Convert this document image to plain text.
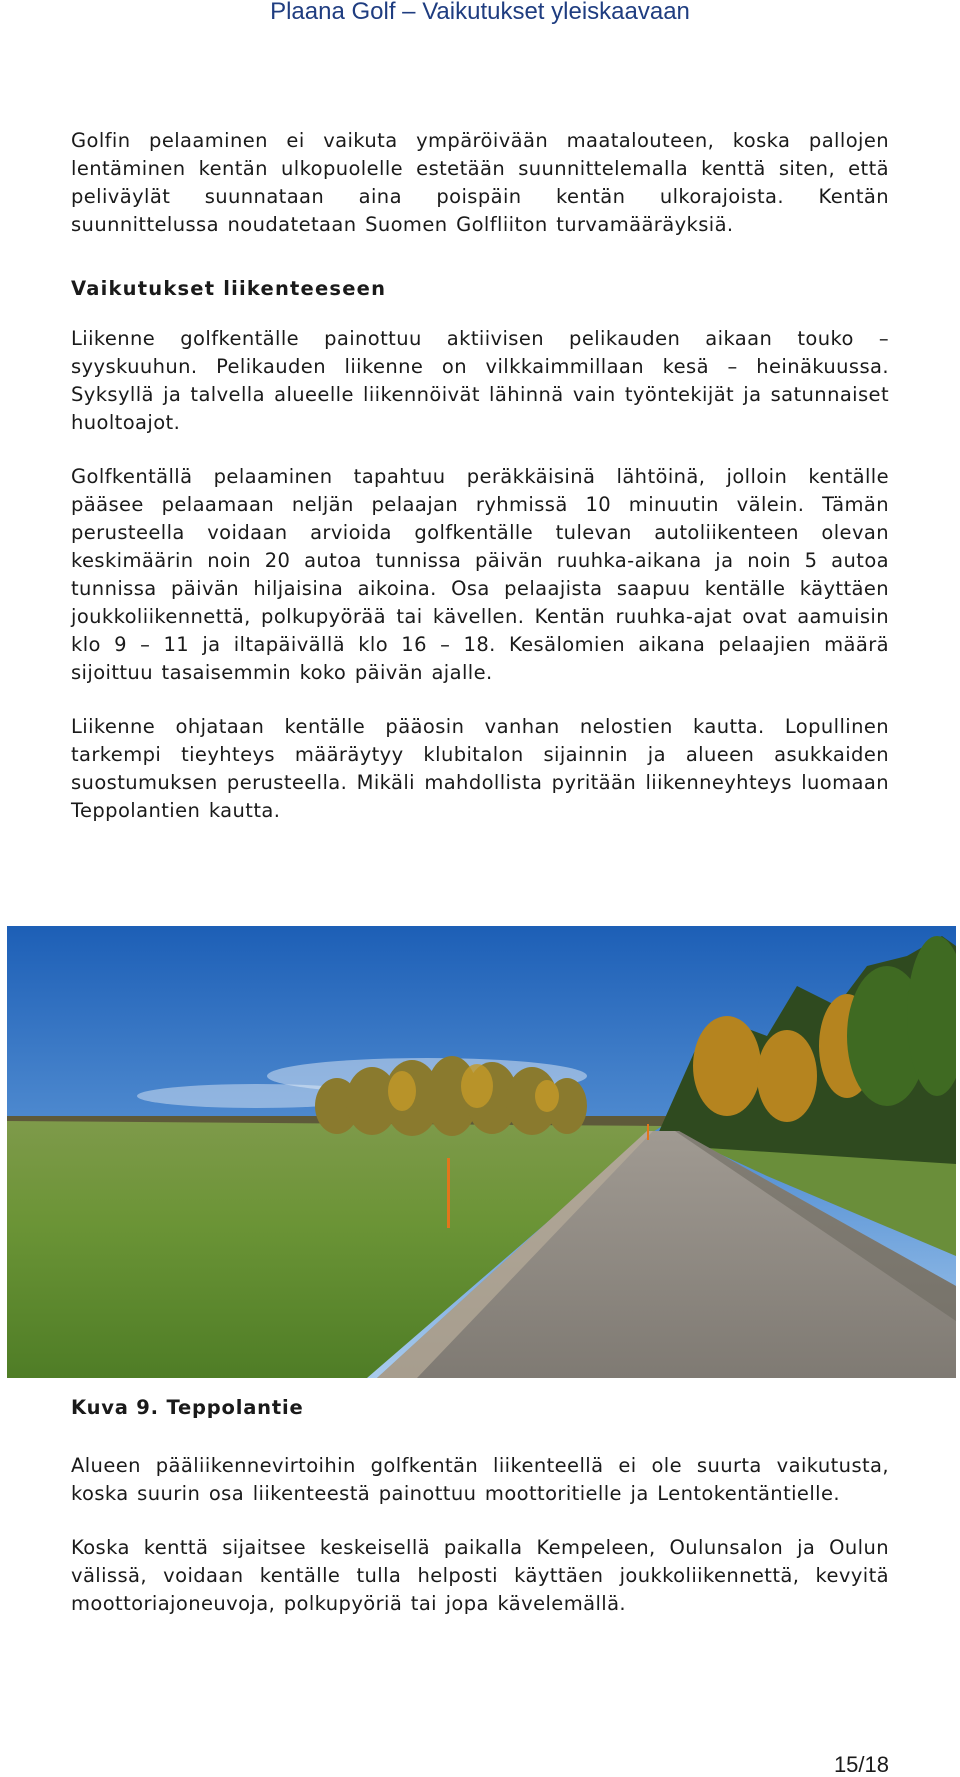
Plaana Golf – Vaikutukset yleiskaavaan

Golfin pelaaminen ei vaikuta ympäröivään maatalouteen, koska pallojen lentäminen kentän ulkopuolelle estetään suunnittelemalla kenttä siten, että peliväylät suunnataan aina poispäin kentän ulkorajoista. Kentän suunnittelussa noudatetaan Suomen Golfliiton turvamääräyksiä.

Vaikutukset liikenteeseen

Liikenne golfkentälle painottuu aktiivisen pelikauden aikaan touko – syyskuuhun. Pelikauden liikenne on vilkkaimmillaan kesä – heinäkuussa. Syksyllä ja talvella alueelle liikennöivät lähinnä vain työntekijät ja satunnaiset huoltoajot.

Golfkentällä pelaaminen tapahtuu peräkkäisinä lähtöinä, jolloin kentälle pääsee pelaamaan neljän pelaajan ryhmissä 10 minuutin välein. Tämän perusteella voidaan arvioida golfkentälle tulevan autoliikenteen olevan keskimäärin noin 20 autoa tunnissa päivän ruuhka-aikana ja noin 5 autoa tunnissa päivän hiljaisina aikoina. Osa pelaajista saapuu kentälle käyttäen joukkoliikennettä, polkupyörää tai kävellen. Kentän ruuhka-ajat ovat aamuisin klo 9 – 11 ja iltapäivällä klo 16 – 18. Kesälomien aikana pelaajien määrä sijoittuu tasaisemmin koko päivän ajalle.

Liikenne ohjataan kentälle pääosin vanhan nelostien kautta. Lopullinen tarkempi tieyhteys määräytyy klubitalon sijainnin ja alueen asukkaiden suostumuksen perusteella. Mikäli mahdollista pyritään liikenneyhteys luomaan Teppolantien kautta.

Kuva 9. Teppolantie

Alueen pääliikennevirtoihin golfkentän liikenteellä ei ole suurta vaikutusta, koska suurin osa liikenteestä painottuu moottoritielle ja Lentokentäntielle.

Koska kenttä sijaitsee keskeisellä paikalla Kempeleen, Oulunsalon ja Oulun välissä, voidaan kentälle tulla helposti käyttäen joukkoliikennettä, kevyitä moottoriajoneuvoja, polkupyöriä tai jopa kävelemällä.

15/18
